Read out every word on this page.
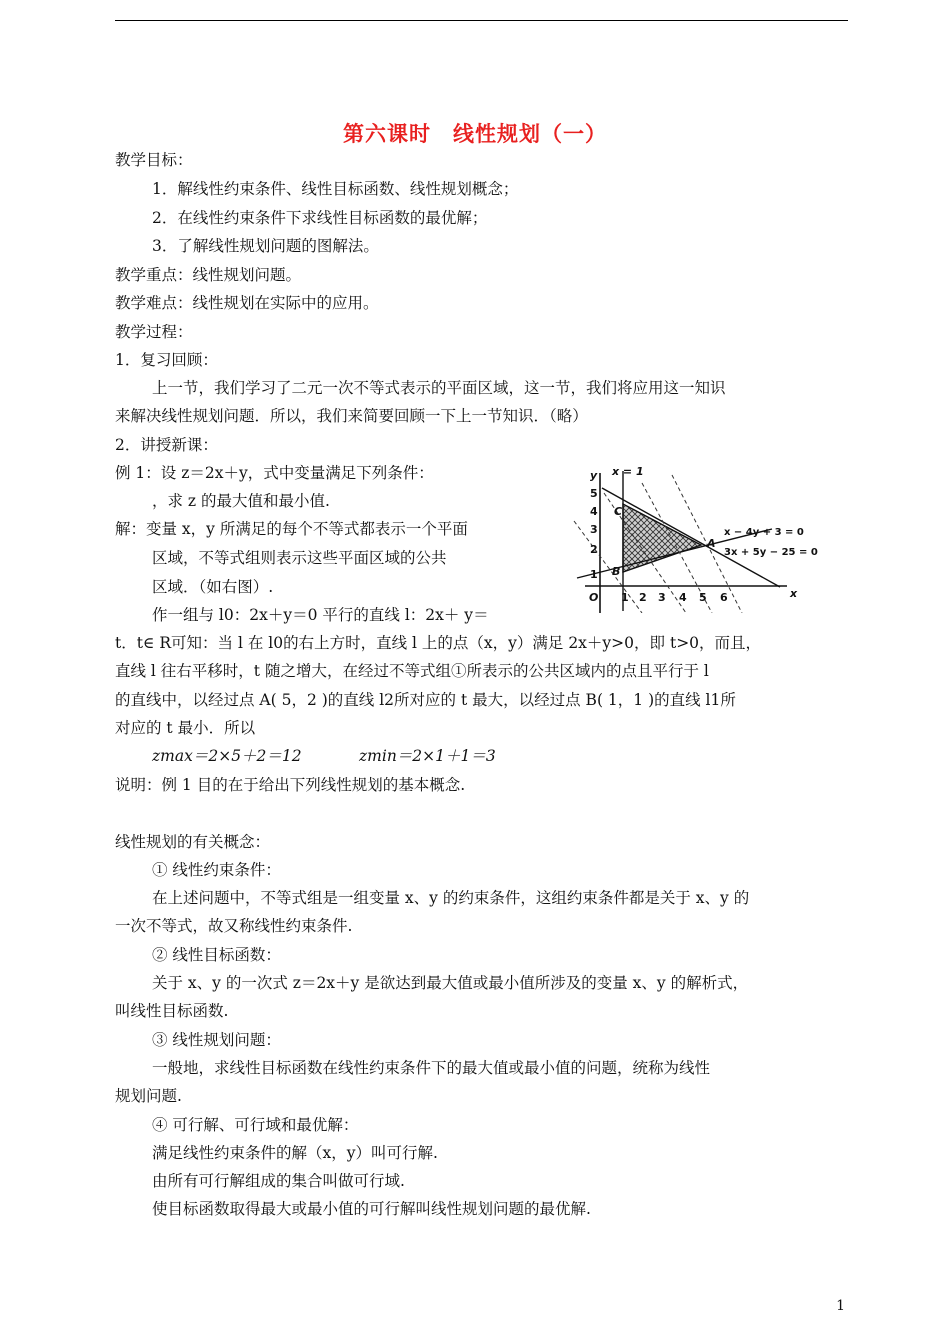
第六课时　线性规划（一）
教学目标：
1．解线性约束条件、线性目标函数、线性规划概念；
2．在线性约束条件下求线性目标函数的最优解；
3．了解线性规划问题的图解法。
教学重点：线性规划问题。
教学难点：线性规划在实际中的应用。
教学过程：
1．复习回顾：
上一节，我们学习了二元一次不等式表示的平面区域，这一节，我们将应用这一知识
来解决线性规划问题．所以，我们来简要回顾一下上一节知识．（略）
2．讲授新课：
例 1：设 z＝2x＋y，式中变量满足下列条件：
，求 z 的最大值和最小值.
解：变量 x，y 所满足的每个不等式都表示一个平面
区域，不等式组则表示这些平面区域的公共
区域．（如右图）.
作一组与 l0：2x＋y＝0 平行的直线 l：2x＋ y＝
t．t∈ R可知：当 l 在 l0的右上方时，直线 l 上的点（x，y）满足 2x＋y>0，即 t>0，而且，
直线 l 往右平移时，t 随之增大，在经过不等式组①所表示的公共区域内的点且平行于 l
的直线中，以经过点 A( 5，2 )的直线 l2所对应的 t 最大，以经过点 B( 1，1 )的直线 l1所
对应的 t 最小．所以
zmax＝2×5＋2＝12	zmin＝2×1＋1＝3
说明：例 1 目的在于给出下列线性规划的基本概念.
线性规划的有关概念：
① 线性约束条件：
在上述问题中，不等式组是一组变量 x、y 的约束条件，这组约束条件都是关于 x、y 的
一次不等式，故又称线性约束条件.
② 线性目标函数：
关于 x、y 的一次式 z＝2x＋y 是欲达到最大值或最小值所涉及的变量 x、y 的解析式，
叫线性目标函数.
③ 线性规划问题：
一般地，求线性目标函数在线性约束条件下的最大值或最小值的问题，统称为线性
规划问题.
④ 可行解、可行域和最优解：
满足线性约束条件的解（x，y）叫可行解.
由所有可行解组成的集合叫做可行域.
使目标函数取得最大或最小值的可行解叫线性规划问题的最优解.
y
x
x = 1
x − 4y + 3 = 0
3x + 5y − 25 = 0
A
B
C
O 1 2 3 4 5 6
1
2
3
4
5
1
